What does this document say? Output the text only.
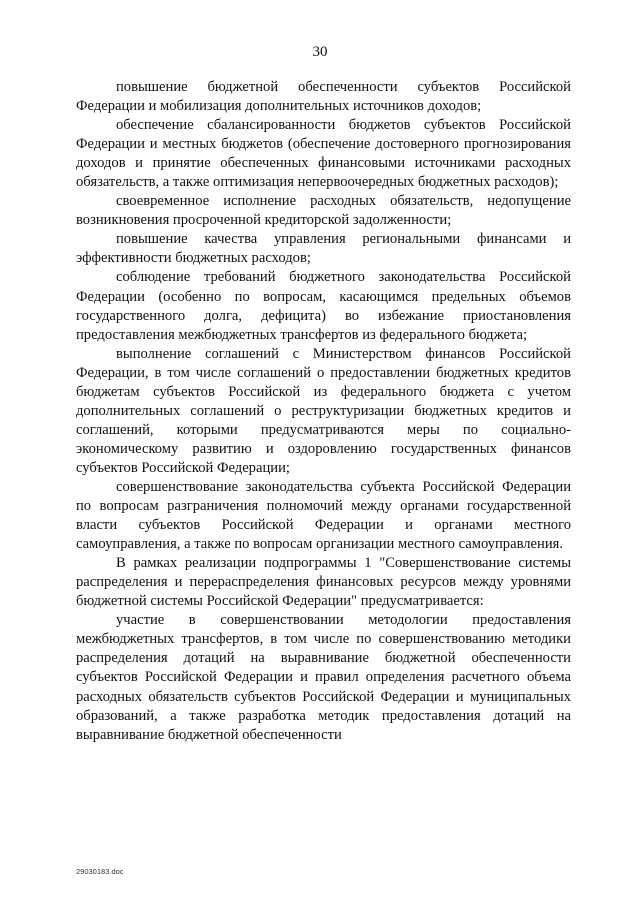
30

повышение бюджетной обеспеченности субъектов Российской Федерации и мобилизация дополнительных источников доходов;

обеспечение сбалансированности бюджетов субъектов Российской Федерации и местных бюджетов (обеспечение достоверного прогнозирования доходов и принятие обеспеченных финансовыми источниками расходных обязательств, а также оптимизация непервоочередных бюджетных расходов);

своевременное исполнение расходных обязательств, недопущение возникновения просроченной кредиторской задолженности;

повышение качества управления региональными финансами и эффективности бюджетных расходов;

соблюдение требований бюджетного законодательства Российской Федерации (особенно по вопросам, касающимся предельных объемов государственного долга, дефицита) во избежание приостановления предоставления межбюджетных трансфертов из федерального бюджета;

выполнение соглашений с Министерством финансов Российской Федерации, в том числе соглашений о предоставлении бюджетных кредитов бюджетам субъектов Российской из федерального бюджета с учетом дополнительных соглашений о реструктуризации бюджетных кредитов и соглашений, которыми предусматриваются меры по социально-экономическому развитию и оздоровлению государственных финансов субъектов Российской Федерации;

совершенствование законодательства субъекта Российской Федерации по вопросам разграничения полномочий между органами государственной власти субъектов Российской Федерации и органами местного самоуправления, а также по вопросам организации местного самоуправления.

В рамках реализации подпрограммы 1 "Совершенствование системы распределения и перераспределения финансовых ресурсов между уровнями бюджетной системы Российской Федерации" предусматривается:

участие в совершенствовании методологии предоставления межбюджетных трансфертов, в том числе по совершенствованию методики распределения дотаций на выравнивание бюджетной обеспеченности субъектов Российской Федерации и правил определения расчетного объема расходных обязательств субъектов Российской Федерации и муниципальных образований, а также разработка методик предоставления дотаций на выравнивание бюджетной обеспеченности

29030183.doc
